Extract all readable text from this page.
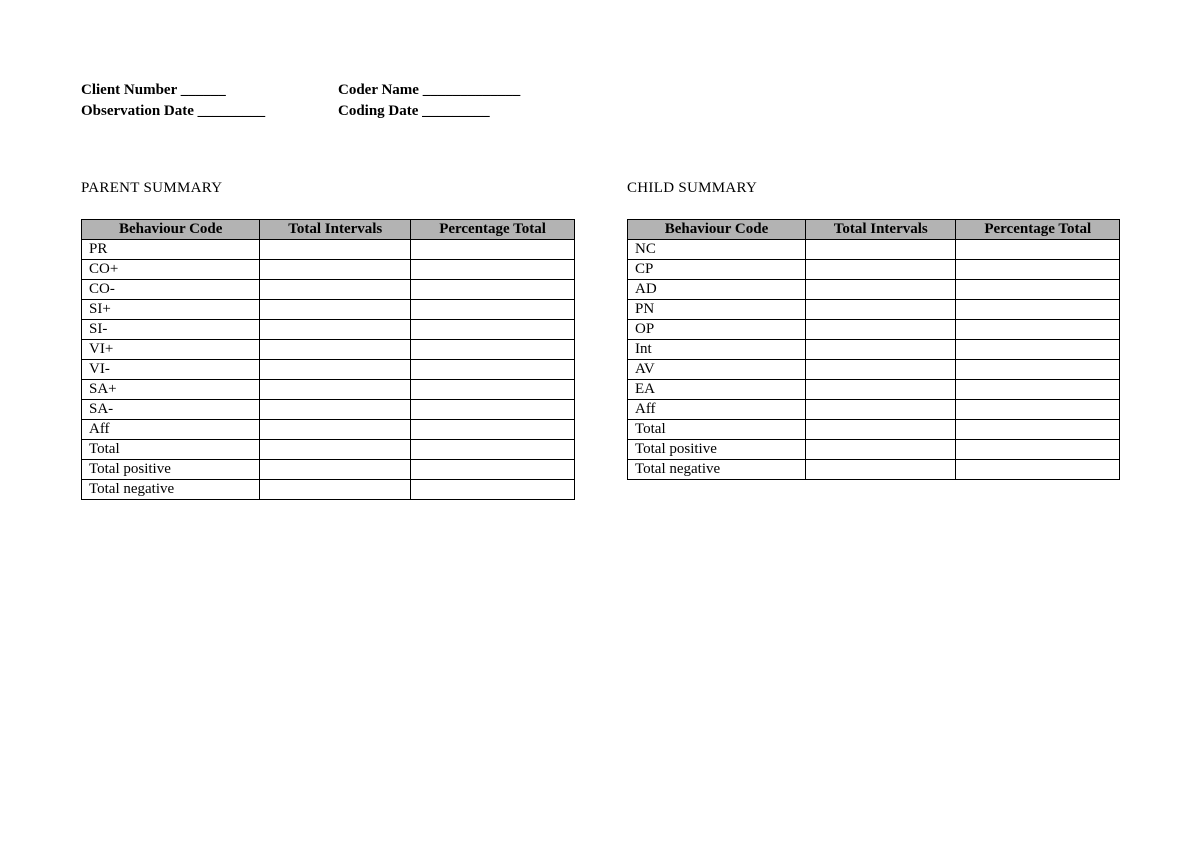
Client Number ______	Coder Name _____________
Observation Date _________	Coding Date _________
PARENT SUMMARY	CHILD SUMMARY
Behaviour Code	Total Intervals	Percentage Total
PR		
CO+		
CO-		
SI+		
SI-		
VI+		
VI-		
SA+		
SA-		
Aff		
Total		
Total positive		
Total negative		
Behaviour Code	Total Intervals	Percentage Total
NC		
CP		
AD		
PN		
OP		
Int		
AV		
EA		
Aff		
Total		
Total positive		
Total negative		
